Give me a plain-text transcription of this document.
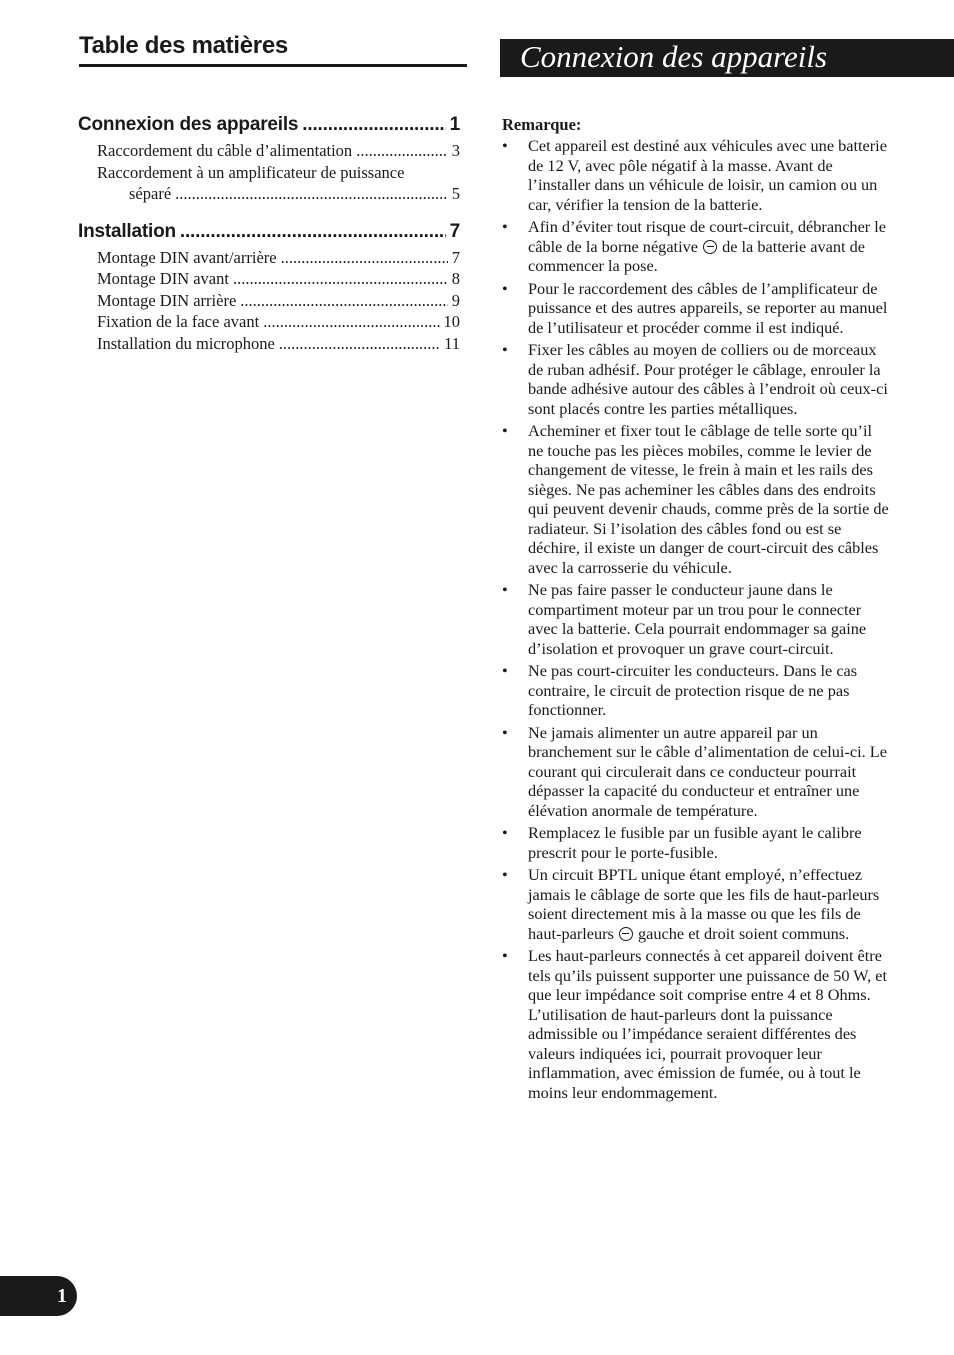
Table des matières	Connexion des appareils
Connexion des appareils .....	1
Raccordement du câble d’alimentation .....	3
Raccordement à un amplificateur de puissance
séparé .....	5
Installation .....	7
Montage DIN avant/arrière .....	7
Montage DIN avant .....	8
Montage DIN arrière .....	9
Fixation de la face avant .....	10
Installation du microphone .....	11
Remarque:
• Cet appareil est destiné aux véhicules avec une batterie de 12 V, avec pôle négatif à la masse. Avant de l’installer dans un véhicule de loisir, un camion ou un car, vérifier la tension de la batterie.
• Afin d’éviter tout risque de court-circuit, débrancher le câble de la borne négative  de la batterie avant de commencer la pose.
• Pour le raccordement des câbles de l’amplificateur de puissance et des autres appareils, se reporter au manuel de l’utilisateur et procéder comme il est indiqué.
• Fixer les câbles au moyen de colliers ou de morceaux de ruban adhésif. Pour protéger le câblage, enrouler la bande adhésive autour des câbles à l’endroit où ceux-ci sont placés contre les parties métalliques.
• Acheminer et fixer tout le câblage de telle sorte qu’il ne touche pas les pièces mobiles, comme le levier de changement de vitesse, le frein à main et les rails des sièges. Ne pas acheminer les câbles dans des endroits qui peuvent devenir chauds, comme près de la sortie de radiateur. Si l’isolation des câbles fond ou est se déchire, il existe un danger de court-circuit des câbles avec la carrosserie du véhicule.
• Ne pas faire passer le conducteur jaune dans le compartiment moteur par un trou pour le connecter avec la batterie. Cela pourrait endommager sa gaine d’isolation et provoquer un grave court-circuit.
• Ne pas court-circuiter les conducteurs. Dans le cas contraire, le circuit de protection risque de ne pas fonctionner.
• Ne jamais alimenter un autre appareil par un branchement sur le câble d’alimentation de celui-ci. Le courant qui circulerait dans ce conducteur pourrait dépasser la capacité du conducteur et entraîner une élévation anormale de température.
• Remplacez le fusible par un fusible ayant le calibre prescrit pour le porte-fusible.
• Un circuit BPTL unique étant employé, n’effectuez jamais le câblage de sorte que les fils de haut-parleurs soient directement mis à la masse ou que les fils de haut-parleurs  gauche et droit soient communs.
• Les haut-parleurs connectés à cet appareil doivent être tels qu’ils puissent supporter une puissance de 50 W, et que leur impédance soit comprise entre 4 et 8 Ohms. L’utilisation de haut-parleurs dont la puissance admissible ou l’impédance seraient différentes des valeurs indiquées ici, pourrait provoquer leur inflammation, avec émission de fumée, ou à tout le moins leur endommagement.
1
